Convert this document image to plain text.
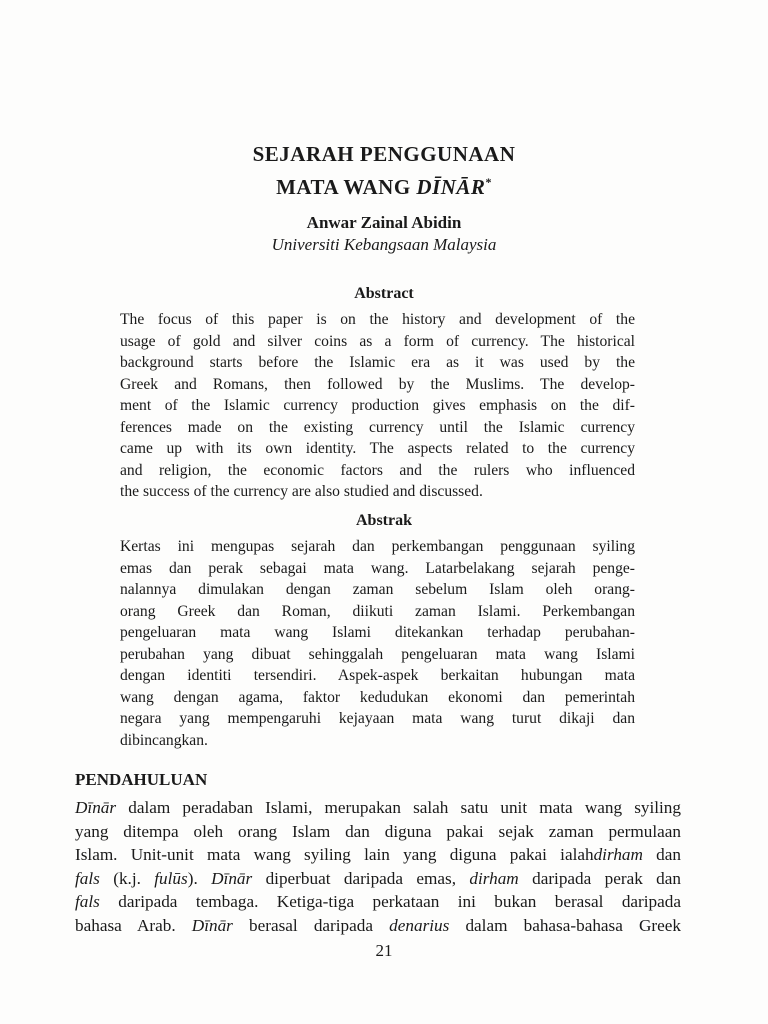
SEJARAH PENGGUNAAN
MATA WANG DĪNĀR*
Anwar Zainal Abidin
Universiti Kebangsaan Malaysia
Abstract
The focus of this paper is on the history and development of the
usage of gold and silver coins as a form of currency. The historical
background starts before the Islamic era as it was used by the
Greek and Romans, then followed by the Muslims. The develop-
ment of the Islamic currency production gives emphasis on the dif-
ferences made on the existing currency until the Islamic currency
came up with its own identity. The aspects related to the currency
and religion, the economic factors and the rulers who influenced
the success of the currency are also studied and discussed.
Abstrak
Kertas ini mengupas sejarah dan perkembangan penggunaan syiling
emas dan perak sebagai mata wang. Latarbelakang sejarah penge-
nalannya dimulakan dengan zaman sebelum Islam oleh orang-
orang Greek dan Roman, diikuti zaman Islami. Perkembangan
pengeluaran mata wang Islami ditekankan terhadap perubahan-
perubahan yang dibuat sehinggalah pengeluaran mata wang Islami
dengan identiti tersendiri. Aspek-aspek berkaitan hubungan mata
wang dengan agama, faktor kedudukan ekonomi dan pemerintah
negara yang mempengaruhi kejayaan mata wang turut dikaji dan
dibincangkan.
PENDAHULUAN
Dīnār dalam peradaban Islami, merupakan salah satu unit mata wang syiling
yang ditempa oleh orang Islam dan diguna pakai sejak zaman permulaan
Islam. Unit-unit mata wang syiling lain yang diguna pakai ialahdirham dan
fals (k.j. fulūs). Dīnār diperbuat daripada emas, dirham daripada perak dan
fals daripada tembaga. Ketiga-tiga perkataan ini bukan berasal daripada
bahasa Arab. Dīnār berasal daripada denarius dalam bahasa-bahasa Greek
21
